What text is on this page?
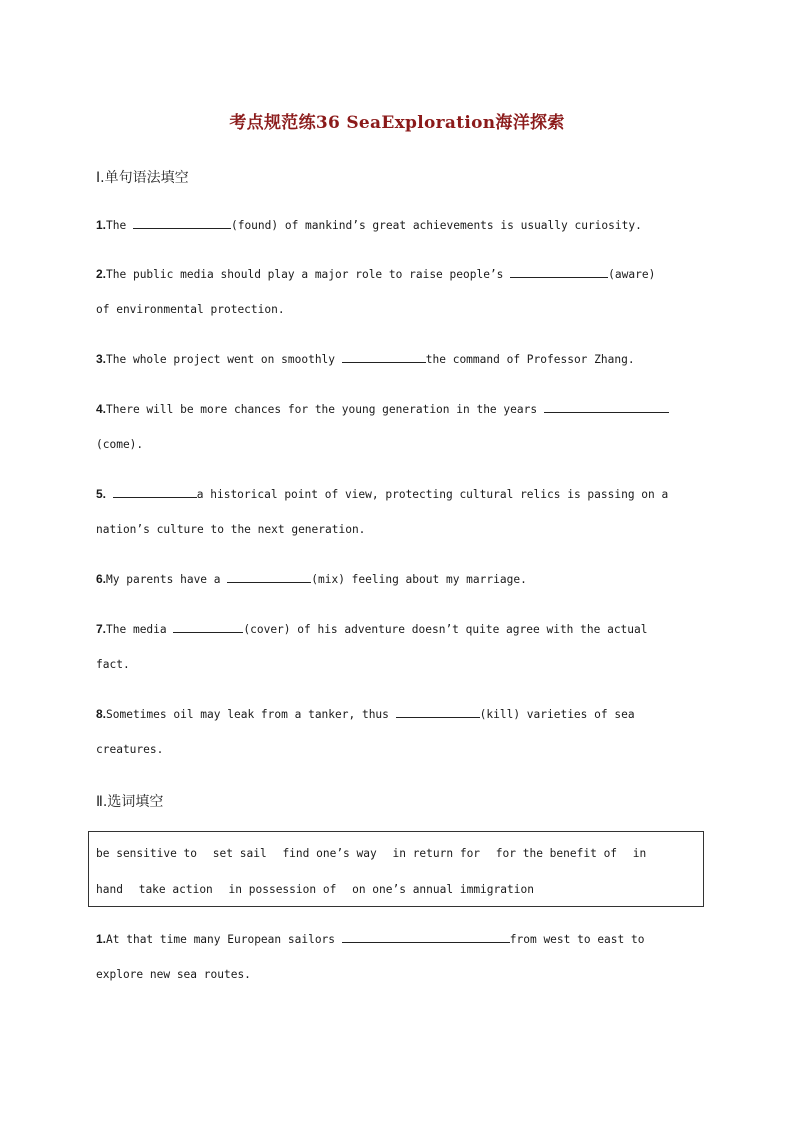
考点规范练36 SeaExploration海洋探索
Ⅰ.单句语法填空
1.The	(found) of mankind’s great achievements is usually curiosity.
2.The public media should play a major role to raise people’s	(aware)
of environmental protection.
3.The whole project went on smoothly	the command of Professor Zhang.
4.There will be more chances for the young generation in the years
(come).
5.	a historical point of view, protecting cultural relics is passing on a
nation’s culture to the next generation.
6.My parents have a	(mix) feeling about my marriage.
7.The media	(cover) of his adventure doesn’t quite agree with the actual
fact.
8.Sometimes oil may leak from a tanker, thus	(kill) varieties of sea
creatures.
Ⅱ.选词填空
be sensitive to set sail find one’s way in return for for the benefit of in
hand take action in possession of on one’s annual immigration
1.At that time many European sailors	from west to east to
explore new sea routes.
